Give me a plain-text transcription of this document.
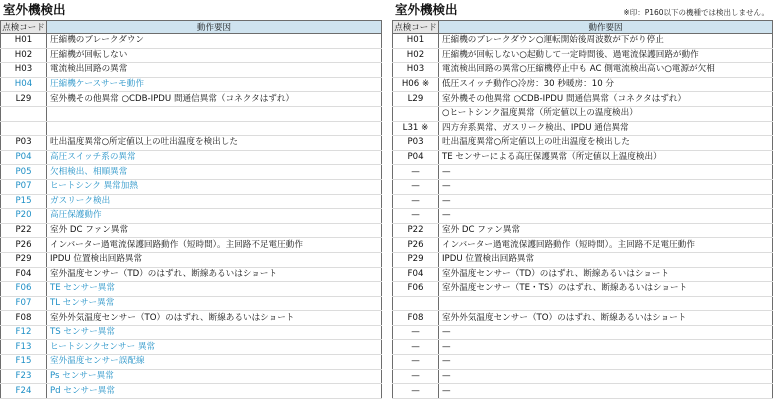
室外機検出
点検コード	動作要因
H01	圧縮機のブレークダウン
H02	圧縮機が回転しない
H03	電流検出回路の異常
H04	圧縮機ケースサーモ動作
L29	室外機その他異常 ○CDB-IPDU 間通信異常（コネクタはずれ）

P03	吐出温度異常○所定値以上の吐出温度を検出した
P04	高圧スイッチ系の異常
P05	欠相検出、相順異常
P07	ヒートシンク 異常加熱
P15	ガスリーク検出
P20	高圧保護動作
P22	室外 DC ファン異常
P26	インバーター過電流保護回路動作（短時間）。主回路不足電圧動作
P29	IPDU 位置検出回路異常
F04	室外温度センサー（TD）のはずれ、断線あるいはショート
F06	TE センサー異常
F07	TL センサー異常
F08	室外外気温度センサー（TO）のはずれ、断線あるいはショート
F12	TS センサー異常
F13	ヒートシンクセンサー 異常
F15	室外温度センサー誤配線
F23	Ps センサー異常
F24	Pd センサー異常
室外機検出	※印：P160以下の機種では検出しません。
点検コード	動作要因
H01	圧縮機のブレークダウン○運転開始後周波数が下がり停止
H02	圧縮機が回転しない○起動して一定時間後、過電流保護回路が動作
H03	電流検出回路の異常○圧縮機停止中も AC 側電流検出高い○電源が欠相
H06 ※	低圧スイッチ動作○冷房：30 秒暖房：10 分
L29	室外機その他異常 ○CDB-IPDU 間通信異常（コネクタはずれ）
	○ヒートシンク温度異常（所定値以上の温度検出）
L31 ※	四方弁系異常、ガスリーク検出、IPDU 通信異常
P03	吐出温度異常○所定値以上の吐出温度を検出した
P04	TE センサーによる高圧保護異常（所定値以上温度検出）
—	—
—	—
—	—
—	—
P22	室外 DC ファン異常
P26	インバーター過電流保護回路動作（短時間）。主回路不足電圧動作
P29	IPDU 位置検出回路異常
F04	室外温度センサー（TD）のはずれ、断線あるいはショート
F06	室外温度センサー（TE・TS）のはずれ、断線あるいはショート

F08	室外外気温度センサー（TO）のはずれ、断線あるいはショート
—	—
—	—
—	—
—	—
—	—
